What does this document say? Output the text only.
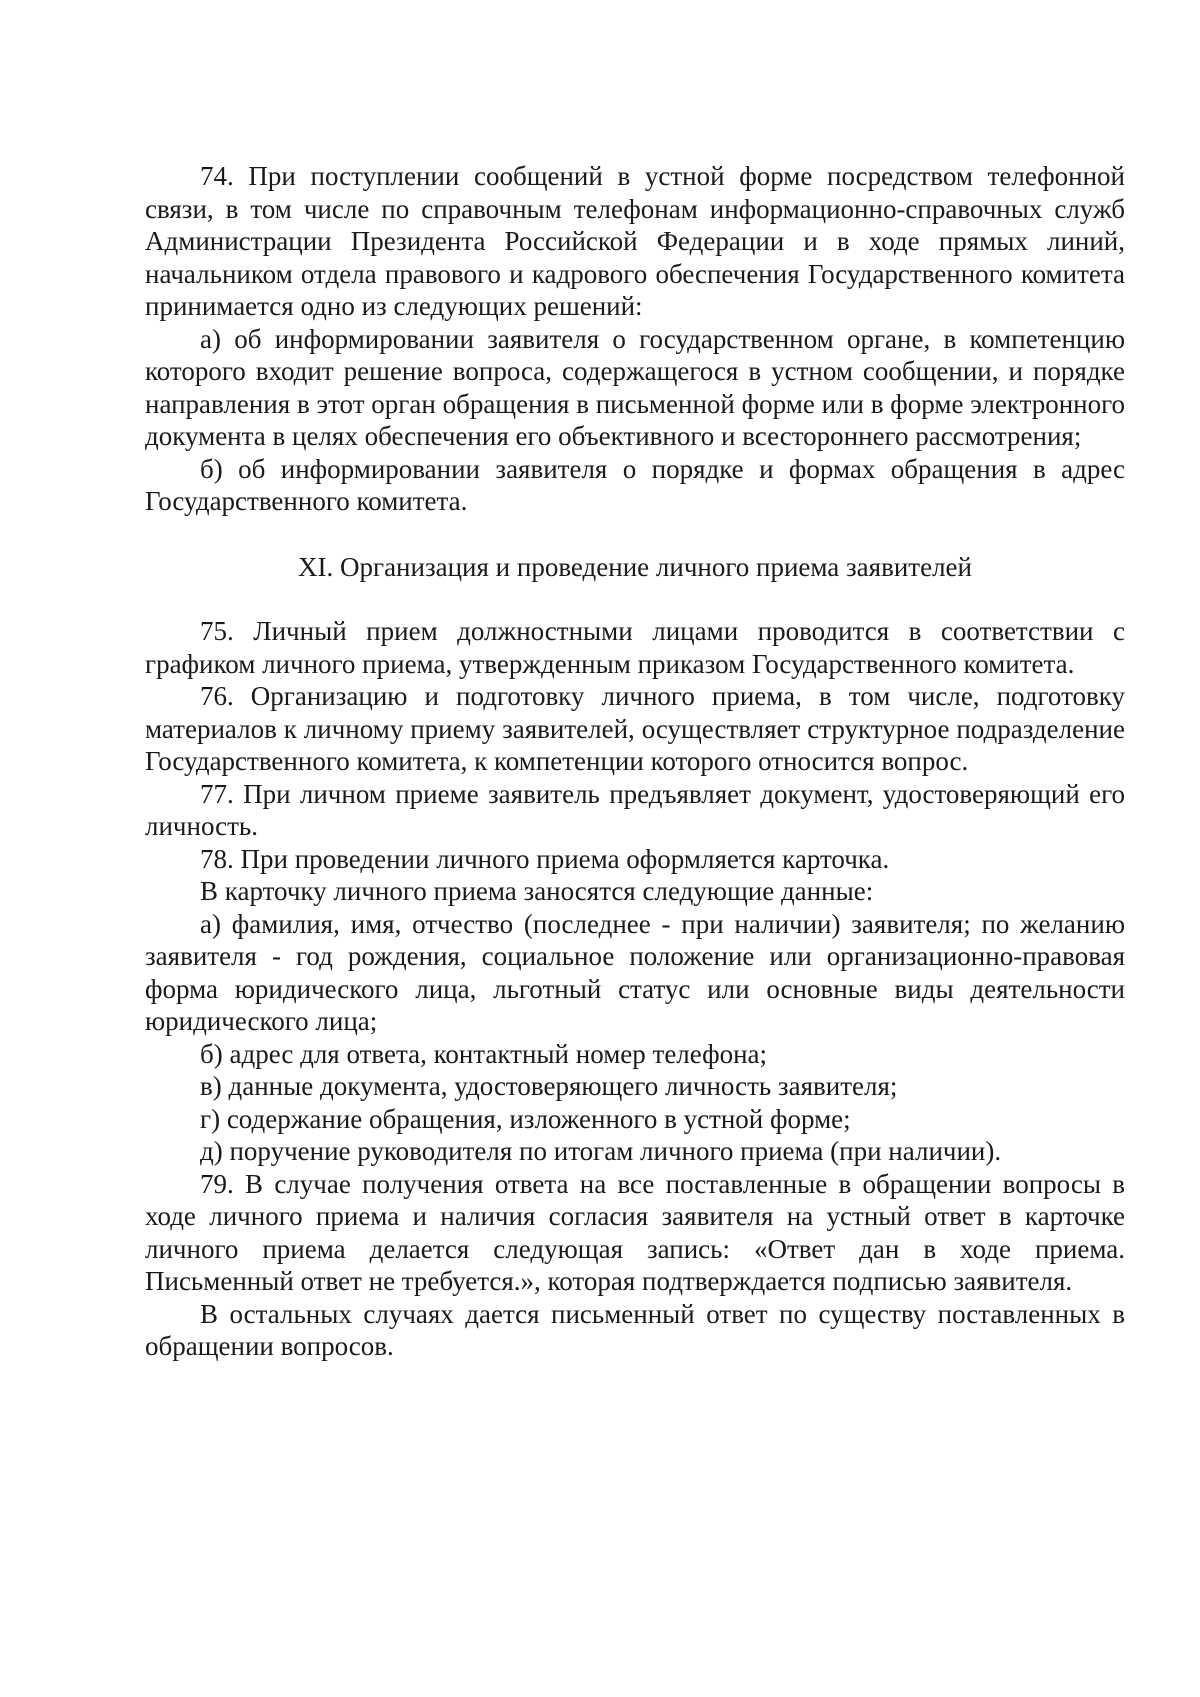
74. При поступлении сообщений в устной форме посредством телефонной связи, в том числе по справочным телефонам информационно-справочных служб Администрации Президента Российской Федерации и в ходе прямых линий, начальником отдела правового и кадрового обеспечения Государственного комитета принимается одно из следующих решений:

а) об информировании заявителя о государственном органе, в компетенцию которого входит решение вопроса, содержащегося в устном сообщении, и порядке направления в этот орган обращения в письменной форме или в форме электронного документа в целях обеспечения его объективного и всестороннего рассмотрения;

б) об информировании заявителя о порядке и формах обращения в адрес Государственного комитета.

XI. Организация и проведение личного приема заявителей

75. Личный прием должностными лицами проводится в соответствии с графиком личного приема, утвержденным приказом Государственного комитета.

76. Организацию и подготовку личного приема, в том числе, подготовку материалов к личному приему заявителей, осуществляет структурное подразделение Государственного комитета, к компетенции которого относится вопрос.

77. При личном приеме заявитель предъявляет документ, удостоверяющий его личность.

78. При проведении личного приема оформляется карточка.

В карточку личного приема заносятся следующие данные:

а) фамилия, имя, отчество (последнее - при наличии) заявителя; по желанию заявителя - год рождения, социальное положение или организационно-правовая форма юридического лица, льготный статус или основные виды деятельности юридического лица;

б) адрес для ответа, контактный номер телефона;

в) данные документа, удостоверяющего личность заявителя;

г) содержание обращения, изложенного в устной форме;

д) поручение руководителя по итогам личного приема (при наличии).

79. В случае получения ответа на все поставленные в обращении вопросы в ходе личного приема и наличия согласия заявителя на устный ответ в карточке личного приема делается следующая запись: «Ответ дан в ходе приема. Письменный ответ не требуется.», которая подтверждается подписью заявителя.

В остальных случаях дается письменный ответ по существу поставленных в обращении вопросов.
